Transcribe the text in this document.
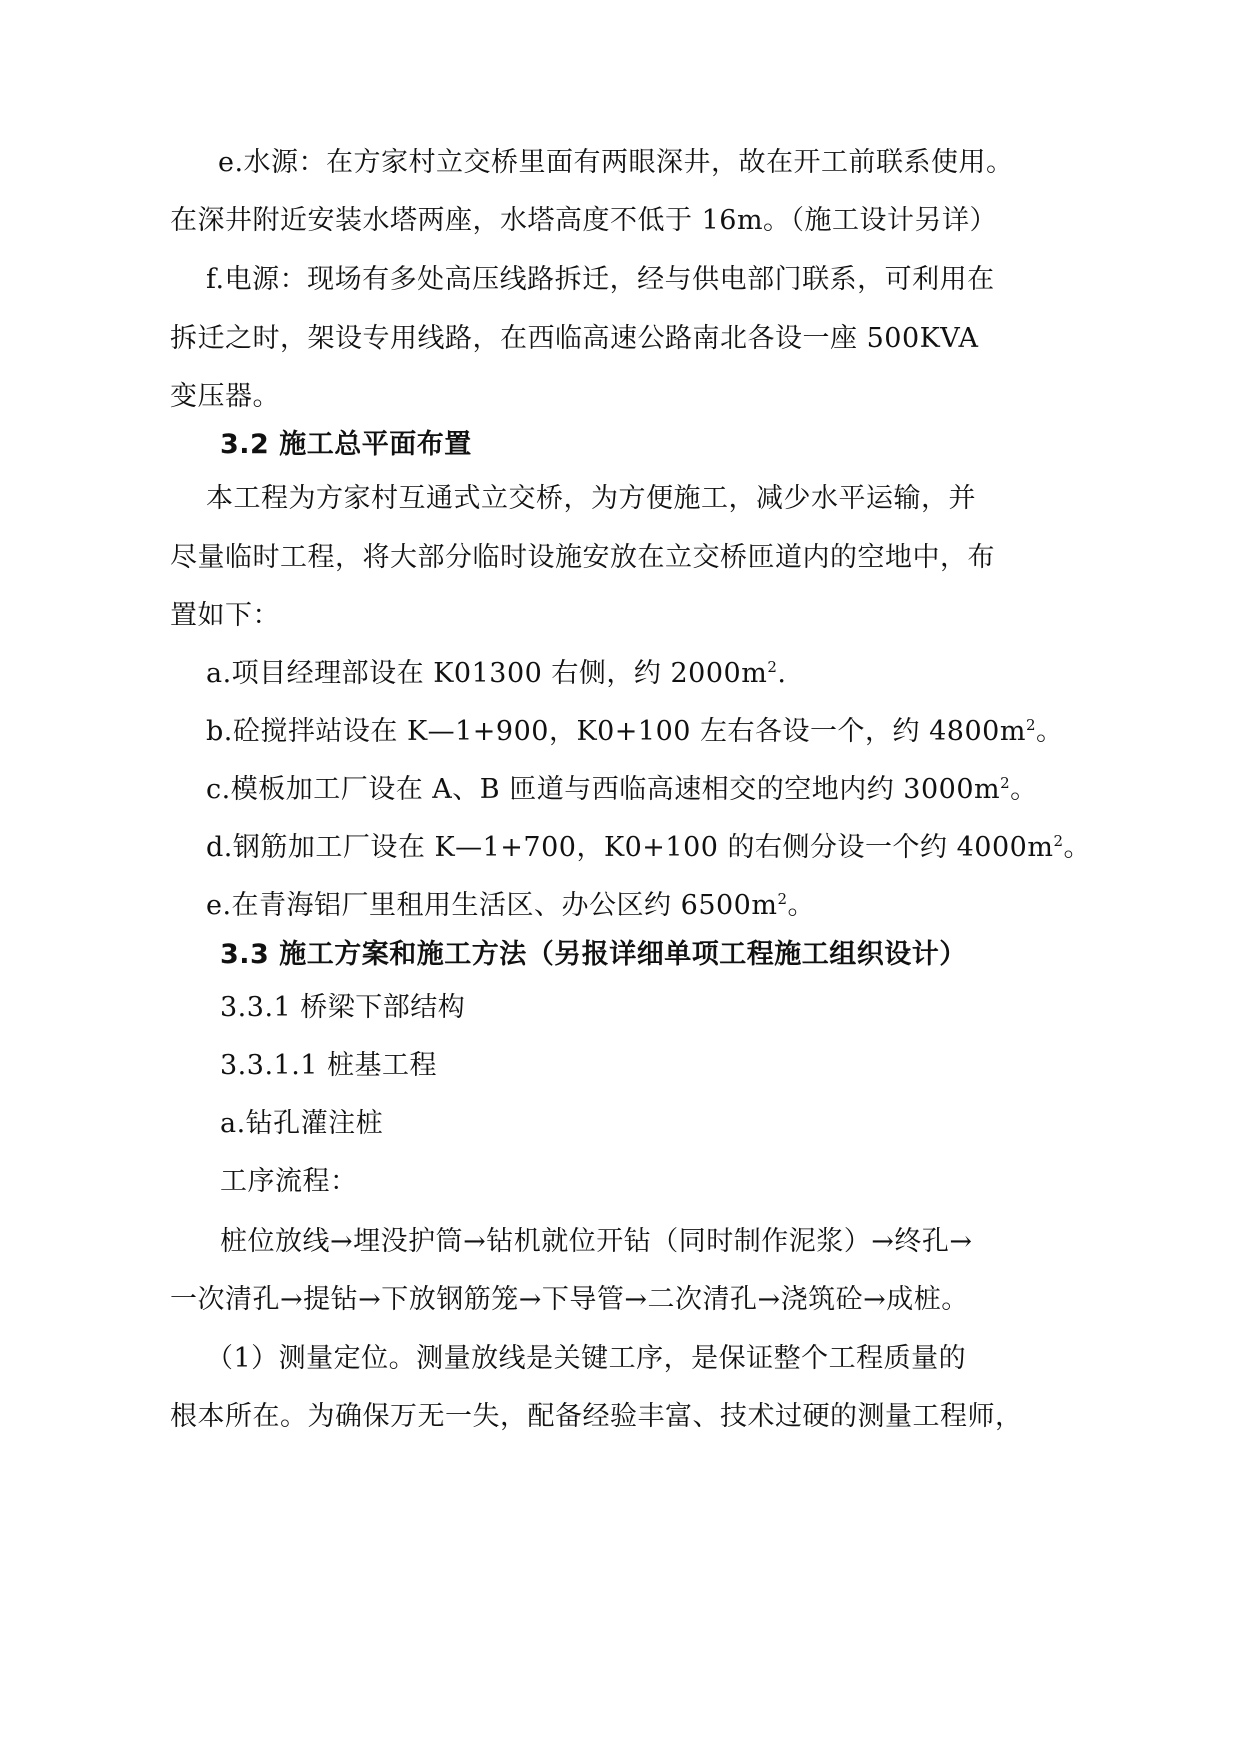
e.水源：在方家村立交桥里面有两眼深井，故在开工前联系使用。
在深井附近安装水塔两座，水塔高度不低于 16m。（施工设计另详）
f.电源：现场有多处高压线路拆迁，经与供电部门联系，可利用在
拆迁之时，架设专用线路，在西临高速公路南北各设一座 500KVA
变压器。
3.2 施工总平面布置
本工程为方家村互通式立交桥，为方便施工，减少水平运输，并
尽量临时工程，将大部分临时设施安放在立交桥匝道内的空地中，布
置如下：
a.项目经理部设在 K01300 右侧，约 $2000m^2$.
b.砼搅拌站设在 K—1+900，K0+100 左右各设一个，约 $4800m^2$。
c.模板加工厂设在 A、B 匝道与西临高速相交的空地内约 $3000m^2$。
d.钢筋加工厂设在 K—1+700，K0+100 的右侧分设一个约 $4000m^2$。
e.在青海铝厂里租用生活区、办公区约 $6500m^2$。
3.3 施工方案和施工方法（另报详细单项工程施工组织设计）
3.3.1 桥梁下部结构
3.3.1.1 桩基工程
a.钻孔灌注桩
工序流程：
桩位放线→埋没护筒→钻机就位开钻（同时制作泥浆）→终孔→
一次清孔→提钻→下放钢筋笼→下导管→二次清孔→浇筑砼→成桩。
（1）测量定位。测量放线是关键工序，是保证整个工程质量的
根本所在。为确保万无一失，配备经验丰富、技术过硬的测量工程师，
